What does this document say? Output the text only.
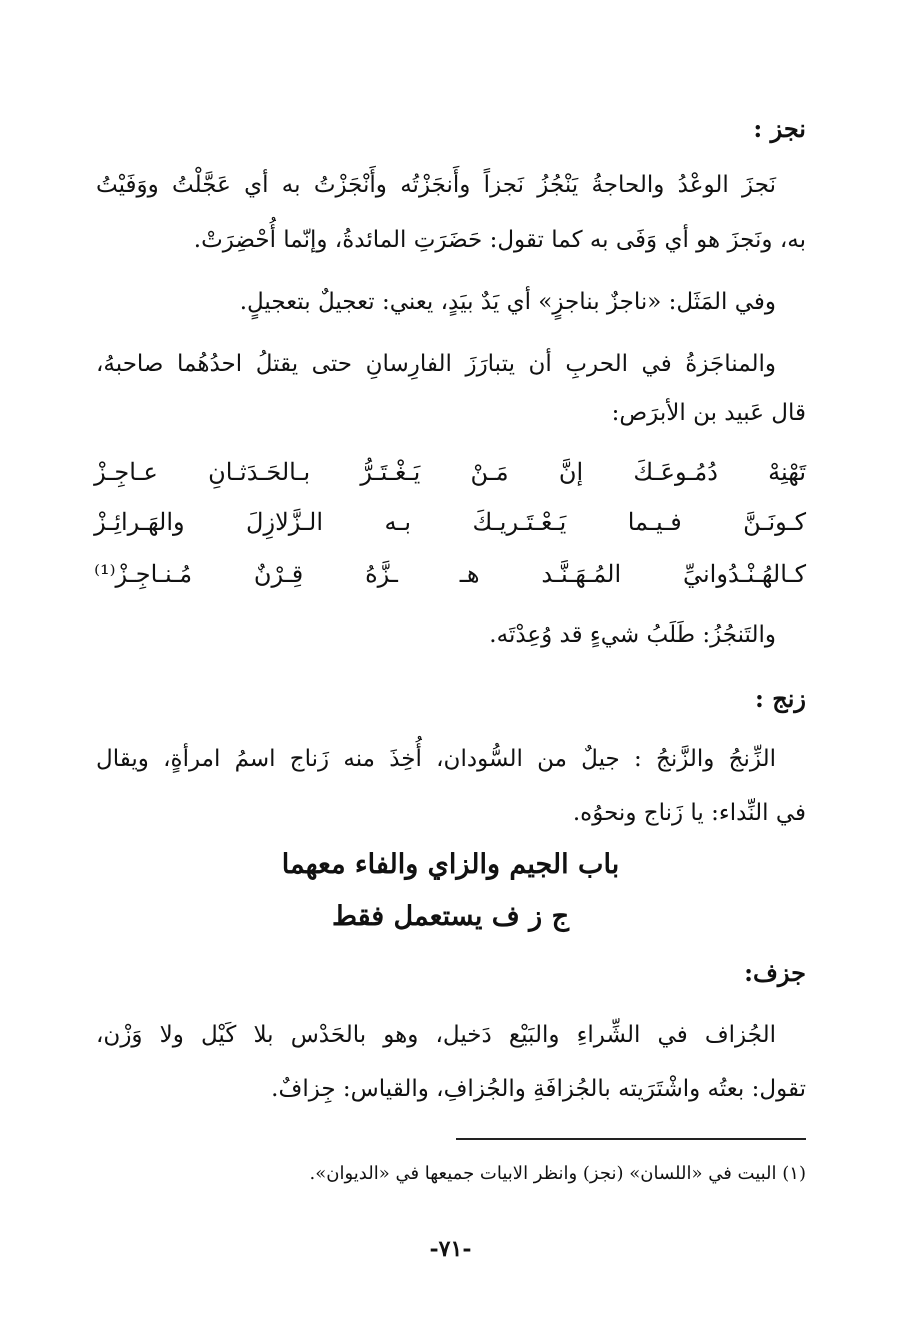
نجز :
نَجزَ الوعْدُ والحاجةُ يَنْجُزُ نَجزاً وأَنجَزْتُه وأَنْجَزْتُ به أي عَجَّلْتُ ووَفَيْتُ
به، ونَجزَ هو أي وَفَى به كما تقول: حَضَرَتِ المائدةُ، وإنّما أُحْضِرَتْ.
وفي المَثَل: «ناجزٌ بناجزٍ» أي يَدٌ بيَدٍ، يعني: تعجيلٌ بتعجيلٍ.
والمناجَزةُ في الحربِ أن يتبارَزَ الفارِسانِ حتى يقتلُ احدُهُما صاحبهُ،
قال عَبيد بن الأبرَص:
تَهْنِهْ
دُمُـوعَـكَ
إنَّ
مَـنْ
يَـغْـتَـرُّ
بـالحَـدَثـانِ
عـاجِـزْ
كـونَـنَّ
فـيـما
يَـعْـتَـريـكَ
بـه
الـزَّلازِلَ
والهَـرائِـزْ
كـالهُـنْـدُوانيِّ
المُـهَـنَّـد
هـ
ـزَّهُ
قِـرْنٌ
مُـنـاجِـزْ⁽¹⁾
والتَنجُزُ: طَلَبُ شيءٍ قد وُعِدْتَه.
زنج :
الزِّنجُ والزَّنجُ : جيلٌ من السُّودان، أُخِذَ منه زَناج اسمُ امرأةٍ، ويقال
في النِّداء: يا زَناج ونحوُه.
باب الجيم والزاي والفاء معهما
ج ز ف يستعمل فقط
جزف:
الجُزاف في الشِّراءِ والبَيْع دَخيل، وهو بالحَدْس بلا كَيْل ولا وَزْن،
تقول: بعتُه واشْتَرَيته بالجُزافَةِ والجُزافِ، والقياس: جِزافٌ.
(١) البيت في «اللسان» (نجز) وانظر الابيات جميعها في «الديوان».
-٧١-
